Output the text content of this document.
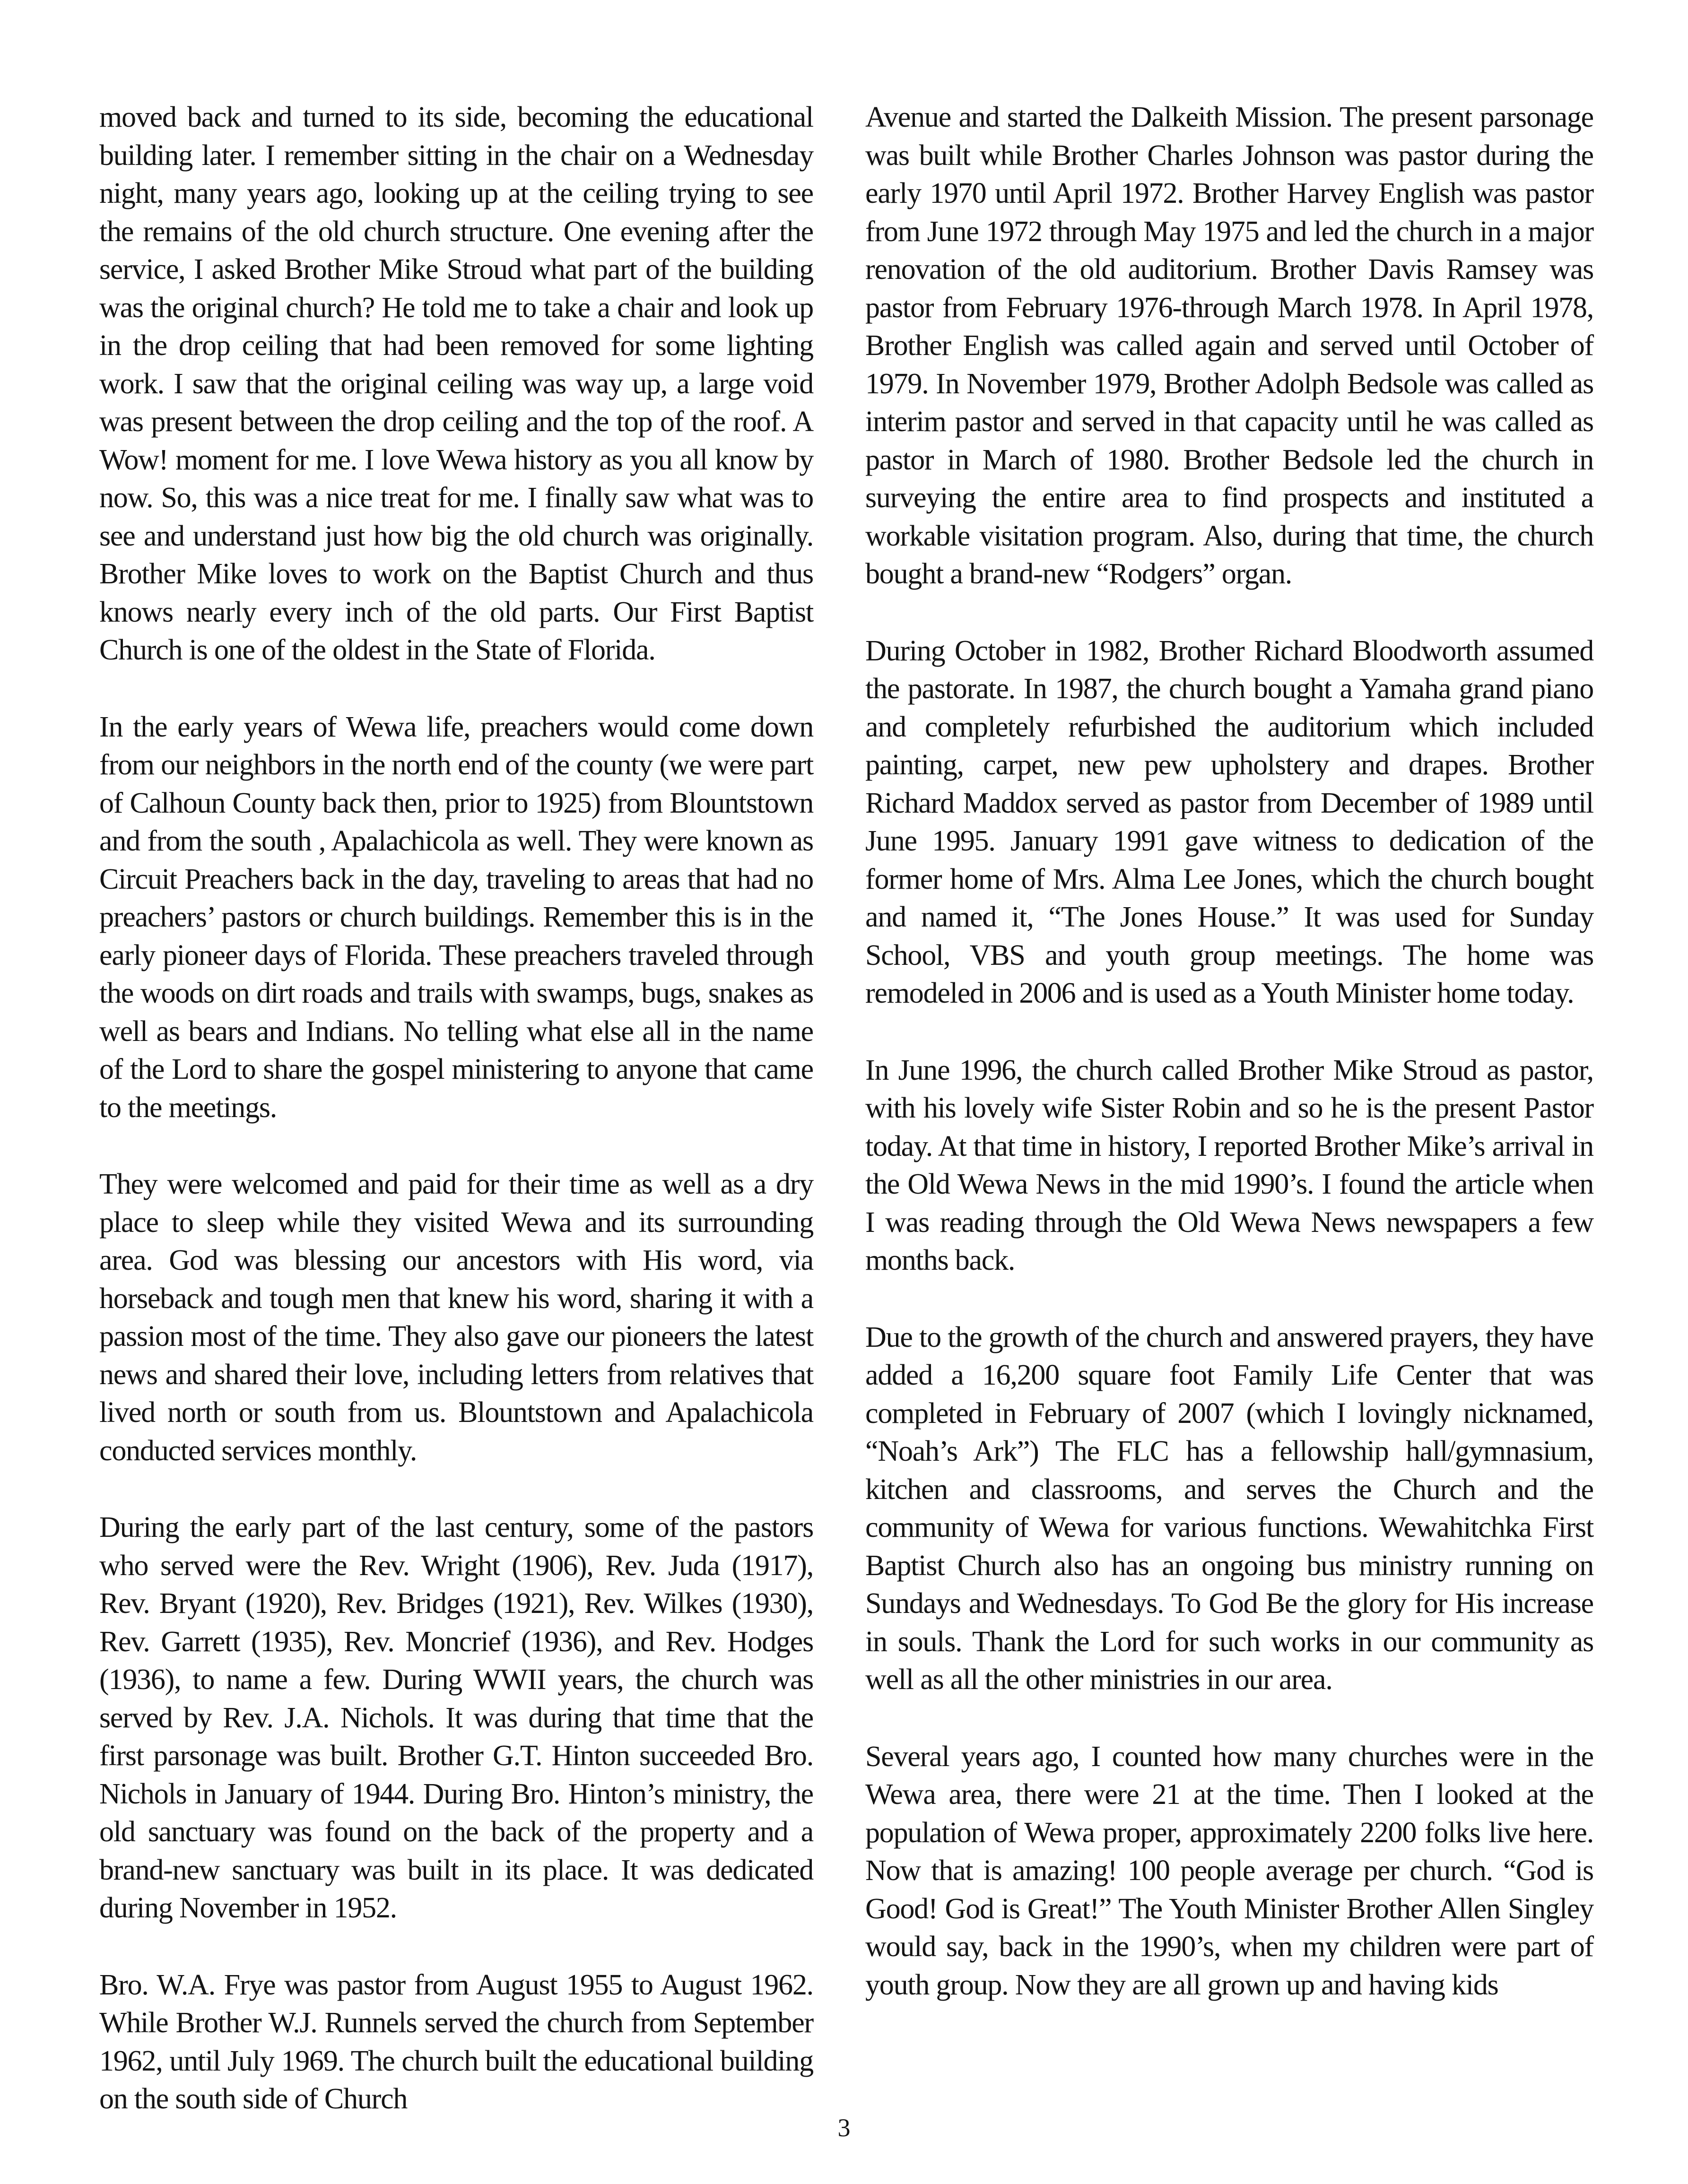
moved back and turned to its side, becoming the educational building later. I remember sitting in the chair on a Wednesday night, many years ago, looking up at the ceiling trying to see the remains of the old church structure. One evening after the service, I asked Brother Mike Stroud what part of the building was the original church? He told me to take a chair and look up in the drop ceiling that had been removed for some lighting work. I saw that the original ceiling was way up, a large void was present between the drop ceiling and the top of the roof. A Wow! moment for me. I love Wewa history as you all know by now. So, this was a nice treat for me. I finally saw what was to see and understand just how big the old church was originally. Brother Mike loves to work on the Baptist Church and thus knows nearly every inch of the old parts. Our First Baptist Church is one of the oldest in the State of Florida.

In the early years of Wewa life, preachers would come down from our neighbors in the north end of the county (we were part of Calhoun County back then, prior to 1925) from Blountstown and from the south , Apalachicola as well. They were known as Circuit Preachers back in the day, traveling to areas that had no preachers’ pastors or church buildings. Remember this is in the early pioneer days of Florida. These preachers traveled through the woods on dirt roads and trails with swamps, bugs, snakes as well as bears and Indians. No telling what else all in the name of the Lord to share the gospel ministering to anyone that came to the meetings.

They were welcomed and paid for their time as well as a dry place to sleep while they visited Wewa and its surrounding area. God was blessing our ancestors with His word, via horseback and tough men that knew his word, sharing it with a passion most of the time. They also gave our pioneers the latest news and shared their love, including letters from relatives that lived north or south from us. Blountstown and Apalachicola conducted services monthly.

During the early part of the last century, some of the pastors who served were the Rev. Wright (1906), Rev. Juda (1917), Rev. Bryant (1920), Rev. Bridges (1921), Rev. Wilkes (1930), Rev. Garrett (1935), Rev. Moncrief (1936), and Rev. Hodges (1936), to name a few. During WWII years, the church was served by Rev. J.A. Nichols. It was during that time that the first parsonage was built. Brother G.T. Hinton succeeded Bro. Nichols in January of 1944. During Bro. Hinton’s ministry, the old sanctuary was found on the back of the property and a brand-new sanctuary was built in its place. It was dedicated during November in 1952.

Bro. W.A. Frye was pastor from August 1955 to August 1962. While Brother W.J. Runnels served the church from September 1962, until July 1969. The church built the educational building on the south side of Church

Avenue and started the Dalkeith Mission. The present parsonage was built while Brother Charles Johnson was pastor during the early 1970 until April 1972. Brother Harvey English was pastor from June 1972 through May 1975 and led the church in a major renovation of the old auditorium. Brother Davis Ramsey was pastor from February 1976-through March 1978. In April 1978, Brother English was called again and served until October of 1979. In November 1979, Brother Adolph Bedsole was called as interim pastor and served in that capacity until he was called as pastor in March of 1980. Brother Bedsole led the church in surveying the entire area to find prospects and instituted a workable visitation program. Also, during that time, the church bought a brand-new “Rodgers” organ.

During October in 1982, Brother Richard Bloodworth assumed the pastorate. In 1987, the church bought a Yamaha grand piano and completely refurbished the auditorium which included painting, carpet, new pew upholstery and drapes. Brother Richard Maddox served as pastor from December of 1989 until June 1995. January 1991 gave witness to dedication of the former home of Mrs. Alma Lee Jones, which the church bought and named it, “The Jones House.” It was used for Sunday School, VBS and youth group meetings. The home was remodeled in 2006 and is used as a Youth Minister home today.

In June 1996, the church called Brother Mike Stroud as pastor, with his lovely wife Sister Robin and so he is the present Pastor today. At that time in history, I reported Brother Mike’s arrival in the Old Wewa News in the mid 1990’s. I found the article when I was reading through the Old Wewa News newspapers a few months back.

Due to the growth of the church and answered prayers, they have added a 16,200 square foot Family Life Center that was completed in February of 2007 (which I lovingly nicknamed, “Noah’s Ark”) The FLC has a fellowship hall/gymnasium, kitchen and classrooms, and serves the Church and the community of Wewa for various functions. Wewahitchka First Baptist Church also has an ongoing bus ministry running on Sundays and Wednesdays. To God Be the glory for His increase in souls. Thank the Lord for such works in our community as well as all the other ministries in our area.

Several years ago, I counted how many churches were in the Wewa area, there were 21 at the time. Then I looked at the population of Wewa proper, approximately 2200 folks live here. Now that is amazing! 100 people average per church. “God is Good! God is Great!” The Youth Minister Brother Allen Singley would say, back in the 1990’s, when my children were part of youth group. Now they are all grown up and having kids

3
